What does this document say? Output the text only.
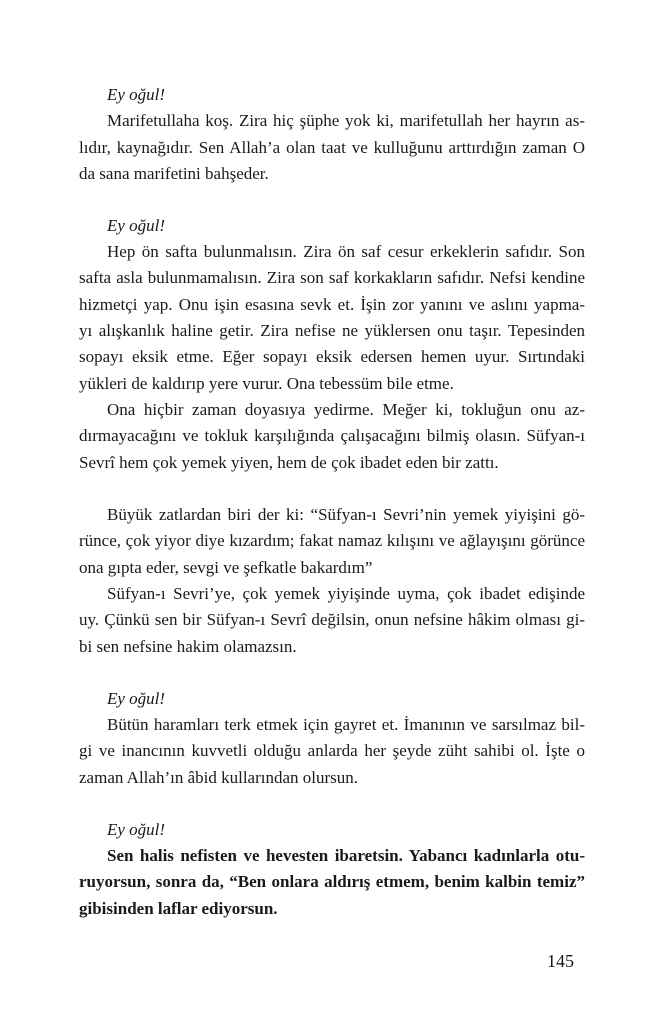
Ey oğul!
Marifetullaha koş. Zira hiç şüphe yok ki, marifetullah her hayrın as-
lıdır, kaynağıdır. Sen Allah’a olan taat ve kulluğunu arttırdığın zaman O
da sana marifetini bahşeder.
Ey oğul!
Hep ön safta bulunmalısın. Zira ön saf cesur erkeklerin safıdır. Son
safta asla bulunmamalısın. Zira son saf korkakların safıdır. Nefsi kendine
hizmetçi yap. Onu işin esasına sevk et. İşin zor yanını ve aslını yapma-
yı alışkanlık haline getir. Zira nefise ne yüklersen onu taşır. Tepesinden
sopayı eksik etme. Eğer sopayı eksik edersen hemen uyur. Sırtındaki
yükleri de kaldırıp yere vurur. Ona tebessüm bile etme.
Ona hiçbir zaman doyasıya yedirme. Meğer ki, tokluğun onu az-
dırmayacağını ve tokluk karşılığında çalışacağını bilmiş olasın. Süfyan-ı
Sevrî hem çok yemek yiyen, hem de çok ibadet eden bir zattı.
Büyük zatlardan biri der ki: “Süfyan-ı Sevri’nin yemek yiyişini gö-
rünce, çok yiyor diye kızardım; fakat namaz kılışını ve ağlayışını görünce
ona gıpta eder, sevgi ve şefkatle bakardım”
Süfyan-ı Sevri’ye, çok yemek yiyişinde uyma, çok ibadet edişinde
uy. Çünkü sen bir Süfyan-ı Sevrî değilsin, onun nefsine hâkim olması gi-
bi sen nefsine hakim olamazsın.
Ey oğul!
Bütün haramları terk etmek için gayret et. İmanının ve sarsılmaz bil-
gi ve inancının kuvvetli olduğu anlarda her şeyde züht sahibi ol. İşte o
zaman Allah’ın âbid kullarından olursun.
Ey oğul!
Sen halis nefisten ve hevesten ibaretsin. Yabancı kadınlarla otu-
ruyorsun, sonra da, “Ben onlara aldırış etmem, benim kalbin temiz”
gibisinden laflar ediyorsun.
145
